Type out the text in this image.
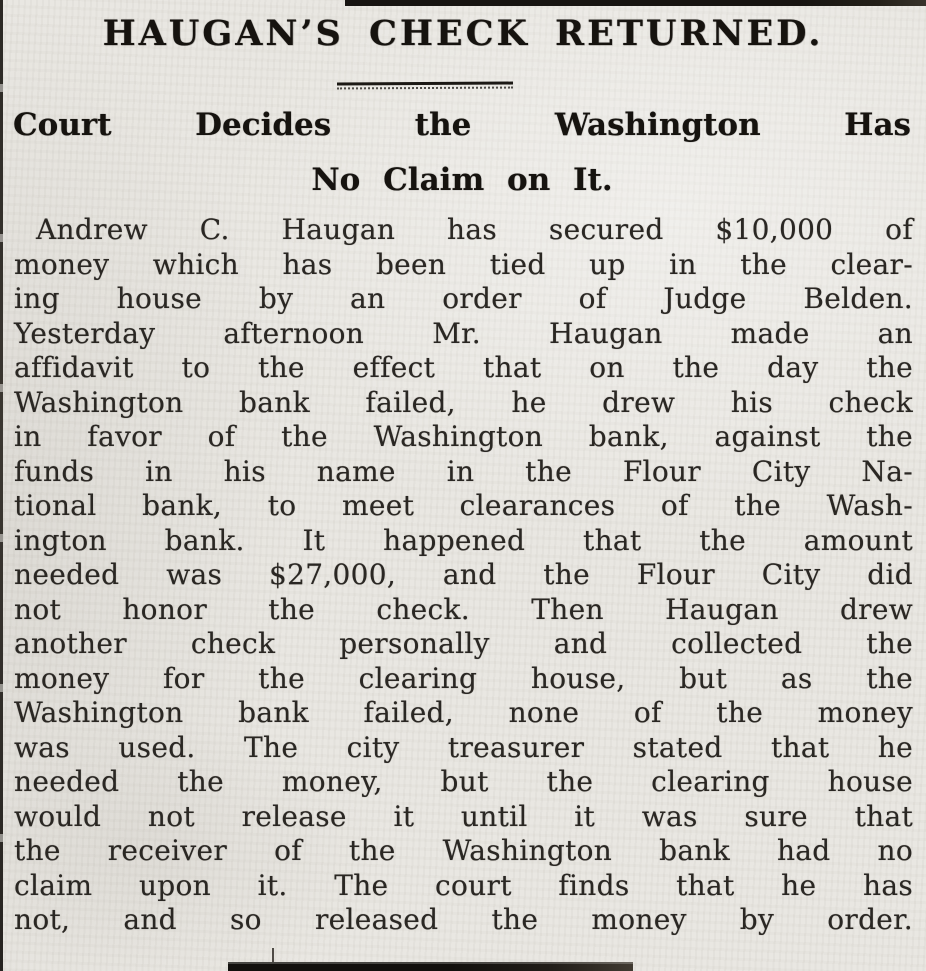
HAUGAN’S CHECK RETURNED.
Court Decides the Washington Has
No Claim on It.
Andrew C. Haugan has secured $10,000 of
money which has been tied up in the clear-
ing house by an order of Judge Belden.
Yesterday afternoon Mr. Haugan made an
affidavit to the effect that on the day the
Washington bank failed, he drew his check
in favor of the Washington bank, against the
funds in his name in the Flour City Na-
tional bank, to meet clearances of the Wash-
ington bank. It happened that the amount
needed was $27,000, and the Flour City did
not honor the check. Then Haugan drew
another check personally and collected the
money for the clearing house, but as the
Washington bank failed, none of the money
was used. The city treasurer stated that he
needed the money, but the clearing house
would not release it until it was sure that
the receiver of the Washington bank had no
claim upon it. The court finds that he has
not, and so released the money by order.
